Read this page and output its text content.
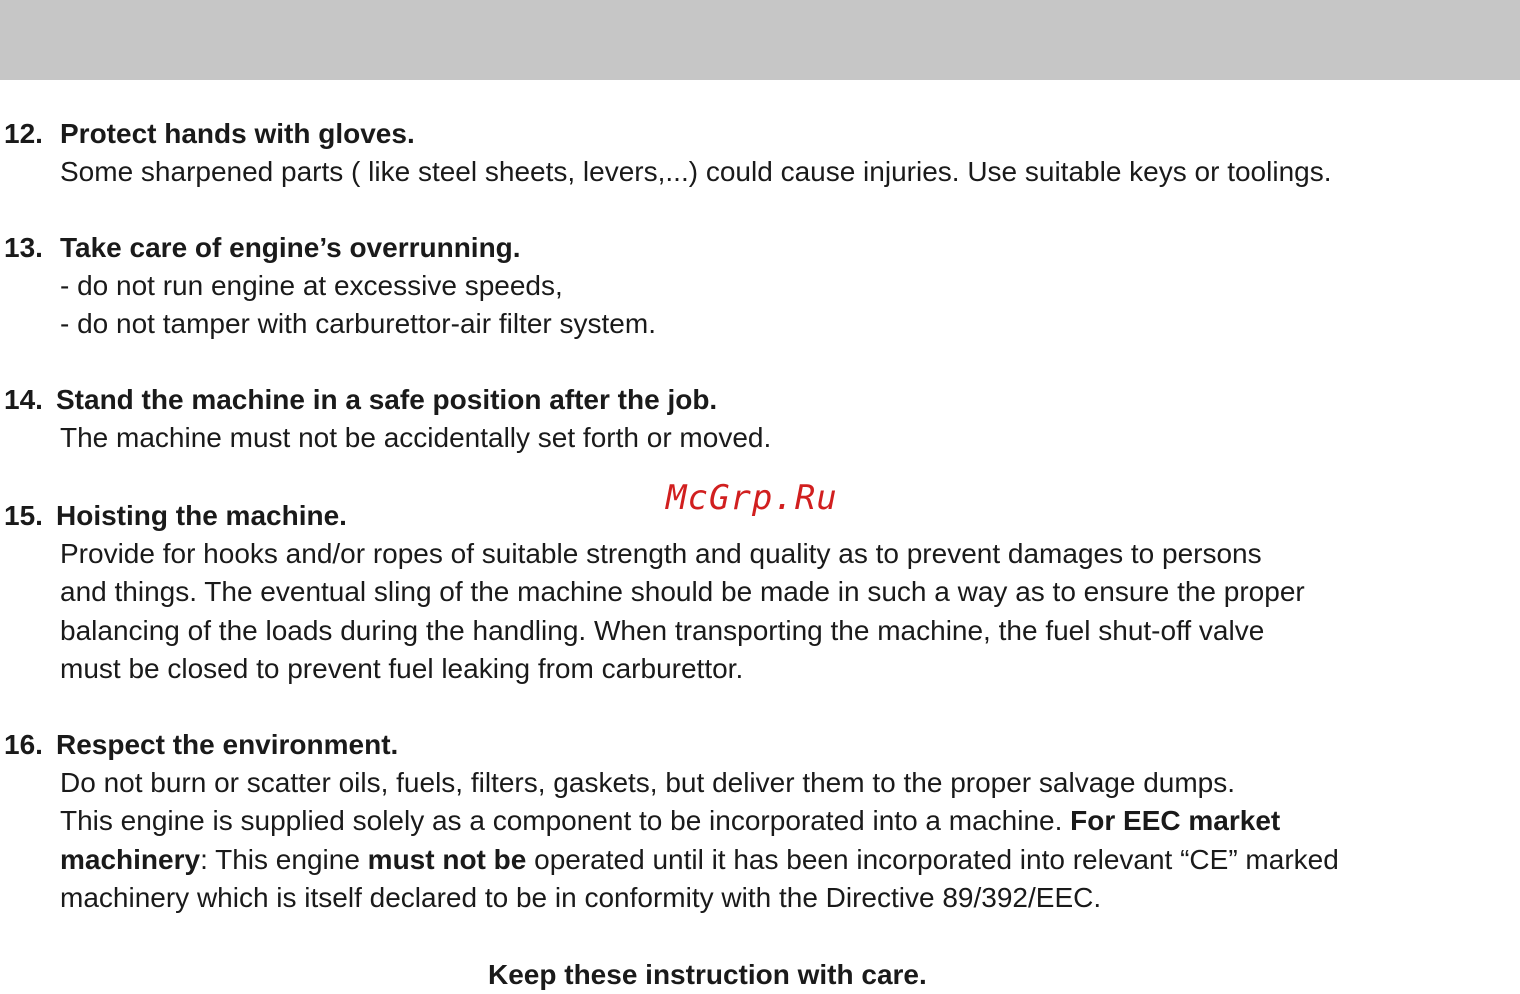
12. Protect hands with gloves.
Some sharpened parts ( like steel sheets, levers,...) could cause injuries. Use suitable keys or toolings.
13. Take care of engine’s overrunning.
- do not run engine at excessive speeds,
- do not tamper with carburettor-air filter system.
14. Stand the machine in a safe position after the job.
The machine must not be accidentally set forth or moved.
McGrp.Ru
15. Hoisting the machine.
Provide for hooks and/or ropes of suitable strength and quality as to prevent damages to persons
and things. The eventual sling of the machine should be made in such a way as to ensure the proper
balancing of the loads during the handling. When transporting the machine, the fuel shut-off valve
must be closed to prevent fuel leaking from carburettor.
16. Respect the environment.
Do not burn or scatter oils, fuels, filters, gaskets, but deliver them to the proper salvage dumps.
This engine is supplied solely as a component to be incorporated into a machine. For EEC market
machinery: This engine must not be operated until it has been incorporated into relevant “CE” marked
machinery which is itself declared to be in conformity with the Directive 89/392/EEC.
Keep these instruction with care.
